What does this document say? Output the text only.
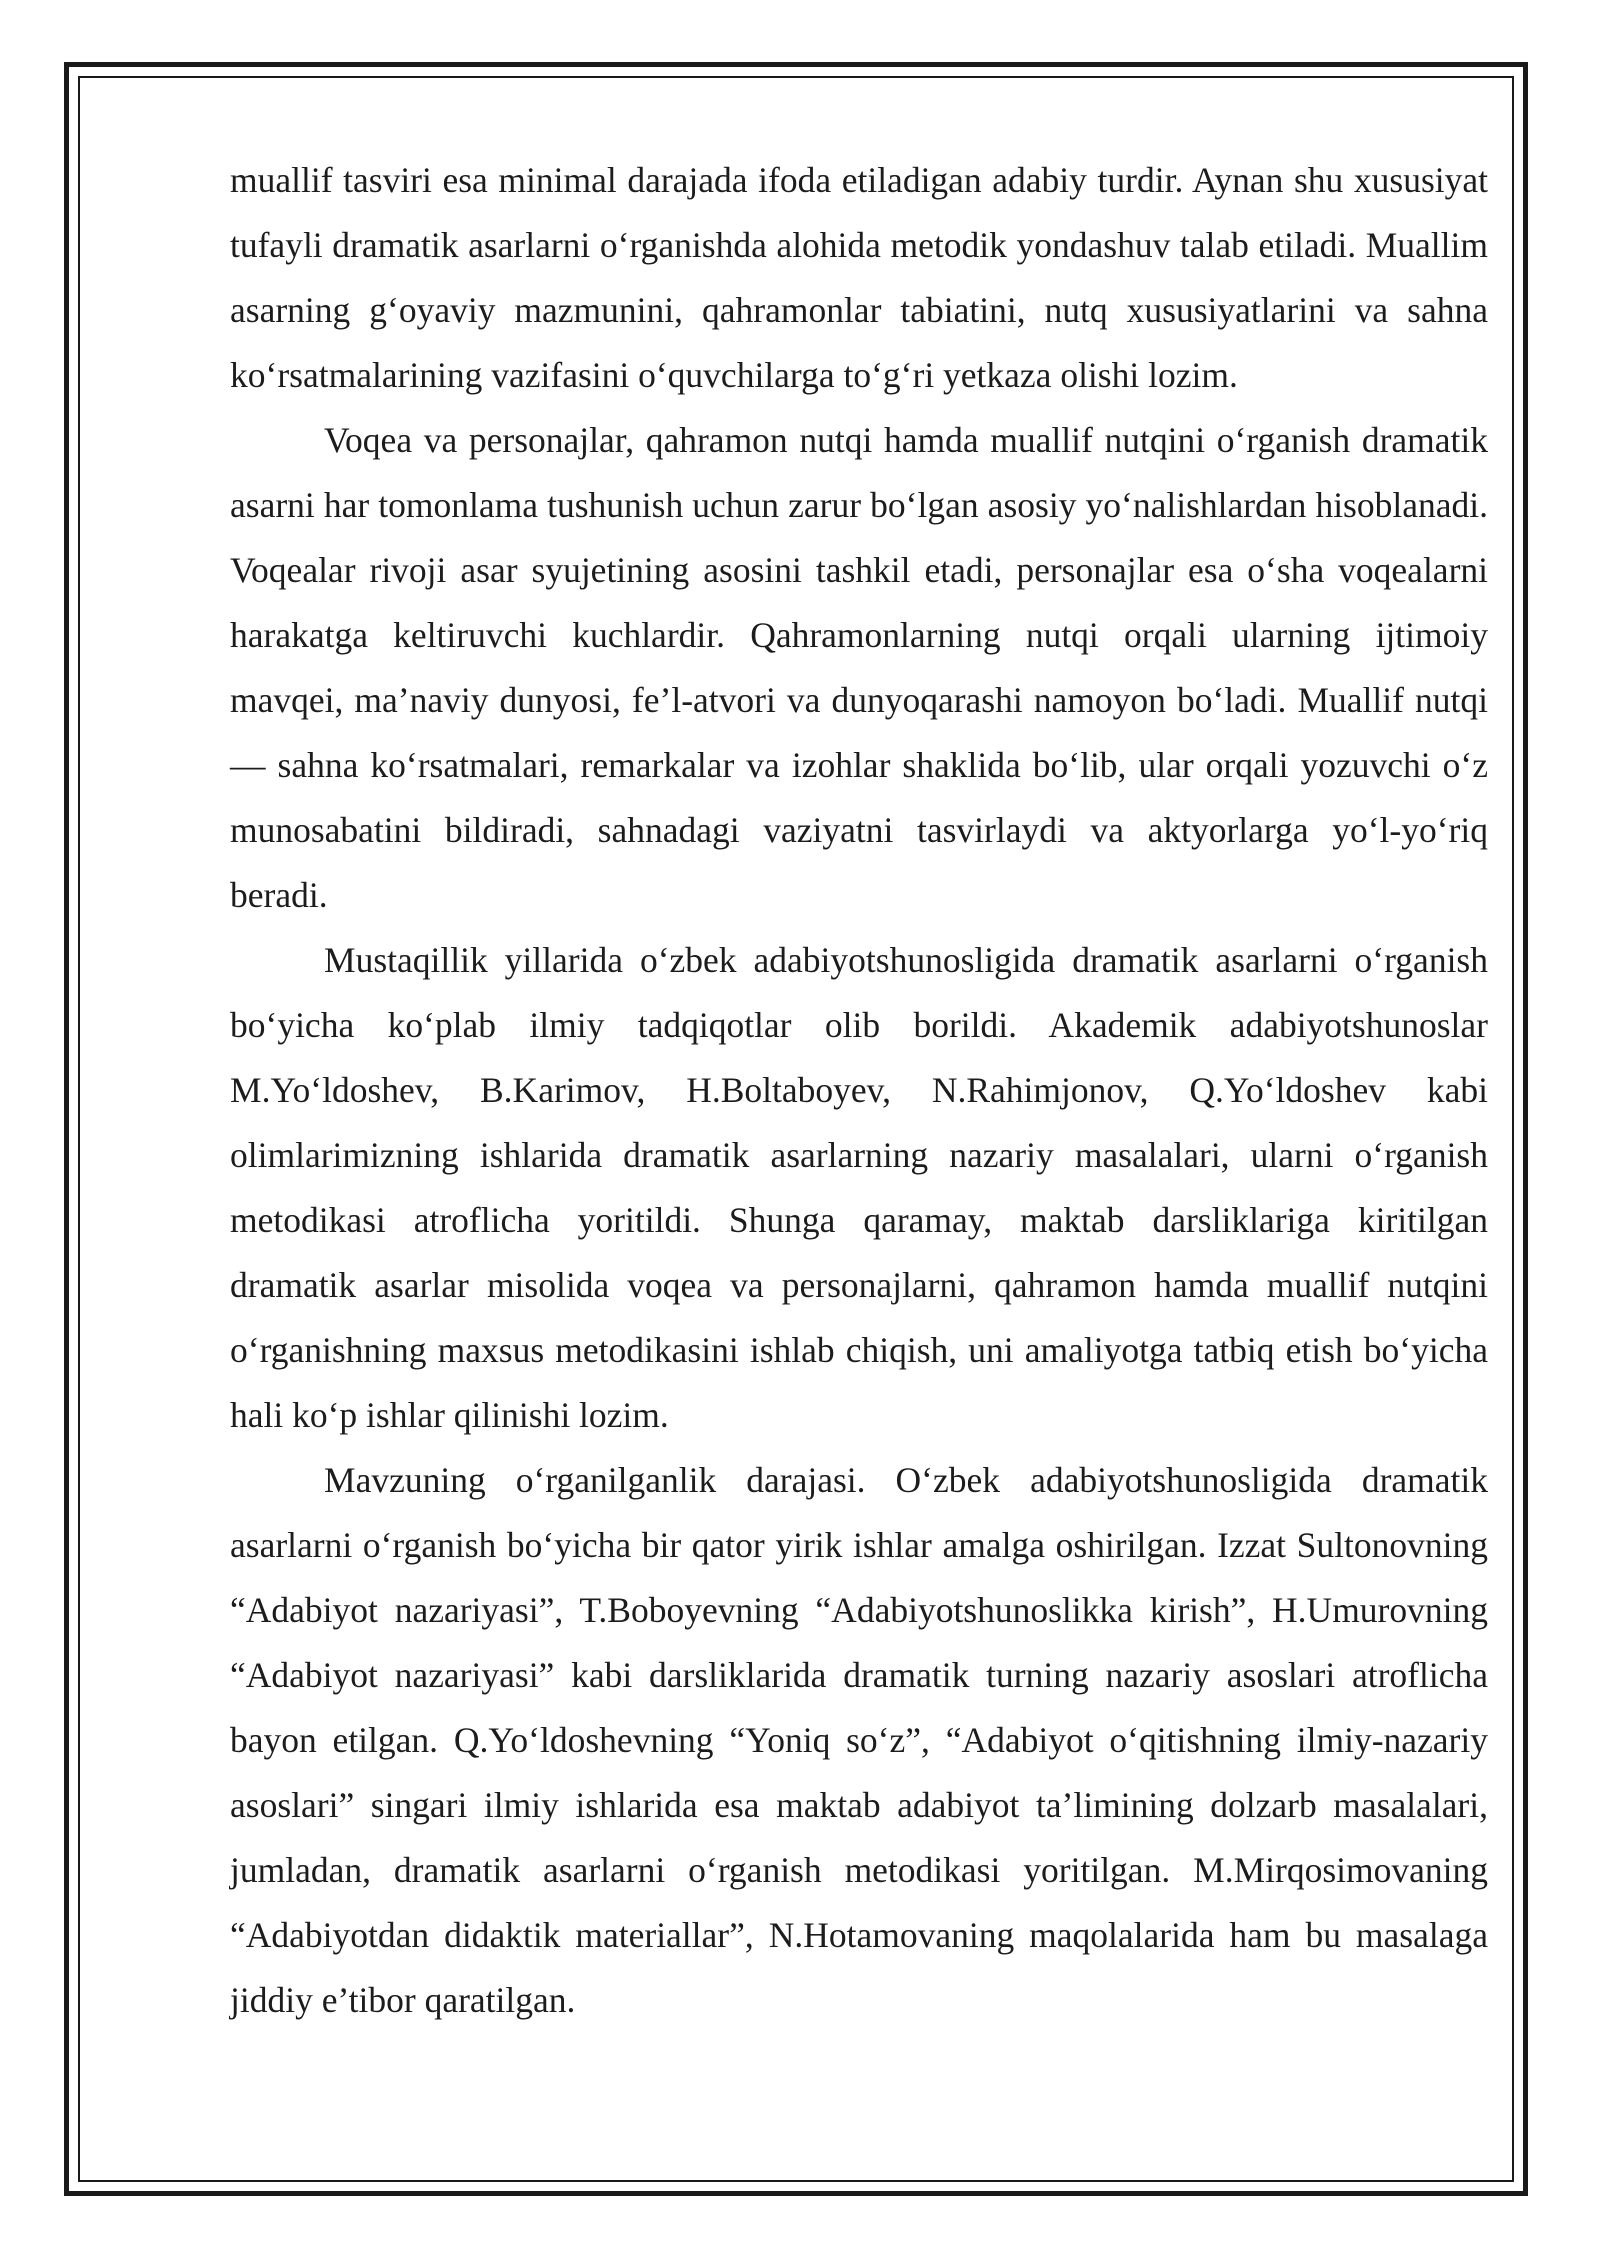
muallif tasviri esa minimal darajada ifoda etiladigan adabiy turdir. Aynan shu xususiyat tufayli dramatik asarlarni o‘rganishda alohida metodik yondashuv talab etiladi. Muallim asarning g‘oyaviy mazmunini, qahramonlar tabiatini, nutq xususiyatlarini va sahna ko‘rsatmalarining vazifasini o‘quvchilarga to‘g‘ri yetkaza olishi lozim.

Voqea va personajlar, qahramon nutqi hamda muallif nutqini o‘rganish dramatik asarni har tomonlama tushunish uchun zarur bo‘lgan asosiy yo‘nalishlardan hisoblanadi. Voqealar rivoji asar syujetining asosini tashkil etadi, personajlar esa o‘sha voqealarni harakatga keltiruvchi kuchlardir. Qahramonlarning nutqi orqali ularning ijtimoiy mavqei, ma’naviy dunyosi, fe’l-atvori va dunyoqarashi namoyon bo‘ladi. Muallif nutqi — sahna ko‘rsatmalari, remarkalar va izohlar shaklida bo‘lib, ular orqali yozuvchi o‘z munosabatini bildiradi, sahnadagi vaziyatni tasvirlaydi va aktyorlarga yo‘l-yo‘riq beradi.

Mustaqillik yillarida o‘zbek adabiyotshunosligida dramatik asarlarni o‘rganish bo‘yicha ko‘plab ilmiy tadqiqotlar olib borildi. Akademik adabiyotshunoslar M.Yo‘ldoshev, B.Karimov, H.Boltaboyev, N.Rahimjonov, Q.Yo‘ldoshev kabi olimlarimizning ishlarida dramatik asarlarning nazariy masalalari, ularni o‘rganish metodikasi atroflicha yoritildi. Shunga qaramay, maktab darsliklariga kiritilgan dramatik asarlar misolida voqea va personajlarni, qahramon hamda muallif nutqini o‘rganishning maxsus metodikasini ishlab chiqish, uni amaliyotga tatbiq etish bo‘yicha hali ko‘p ishlar qilinishi lozim.

Mavzuning o‘rganilganlik darajasi. O‘zbek adabiyotshunosligida dramatik asarlarni o‘rganish bo‘yicha bir qator yirik ishlar amalga oshirilgan. Izzat Sultonovning “Adabiyot nazariyasi”, T.Boboyevning “Adabiyotshunoslikka kirish”, H.Umurovning “Adabiyot nazariyasi” kabi darsliklarida dramatik turning nazariy asoslari atroflicha bayon etilgan. Q.Yo‘ldoshevning “Yoniq so‘z”, “Adabiyot o‘qitishning ilmiy-nazariy asoslari” singari ilmiy ishlarida esa maktab adabiyot ta’limining dolzarb masalalari, jumladan, dramatik asarlarni o‘rganish metodikasi yoritilgan. M.Mirqosimovaning “Adabiyotdan didaktik materiallar”, N.Hotamovaning maqolalarida ham bu masalaga jiddiy e’tibor qaratilgan.
